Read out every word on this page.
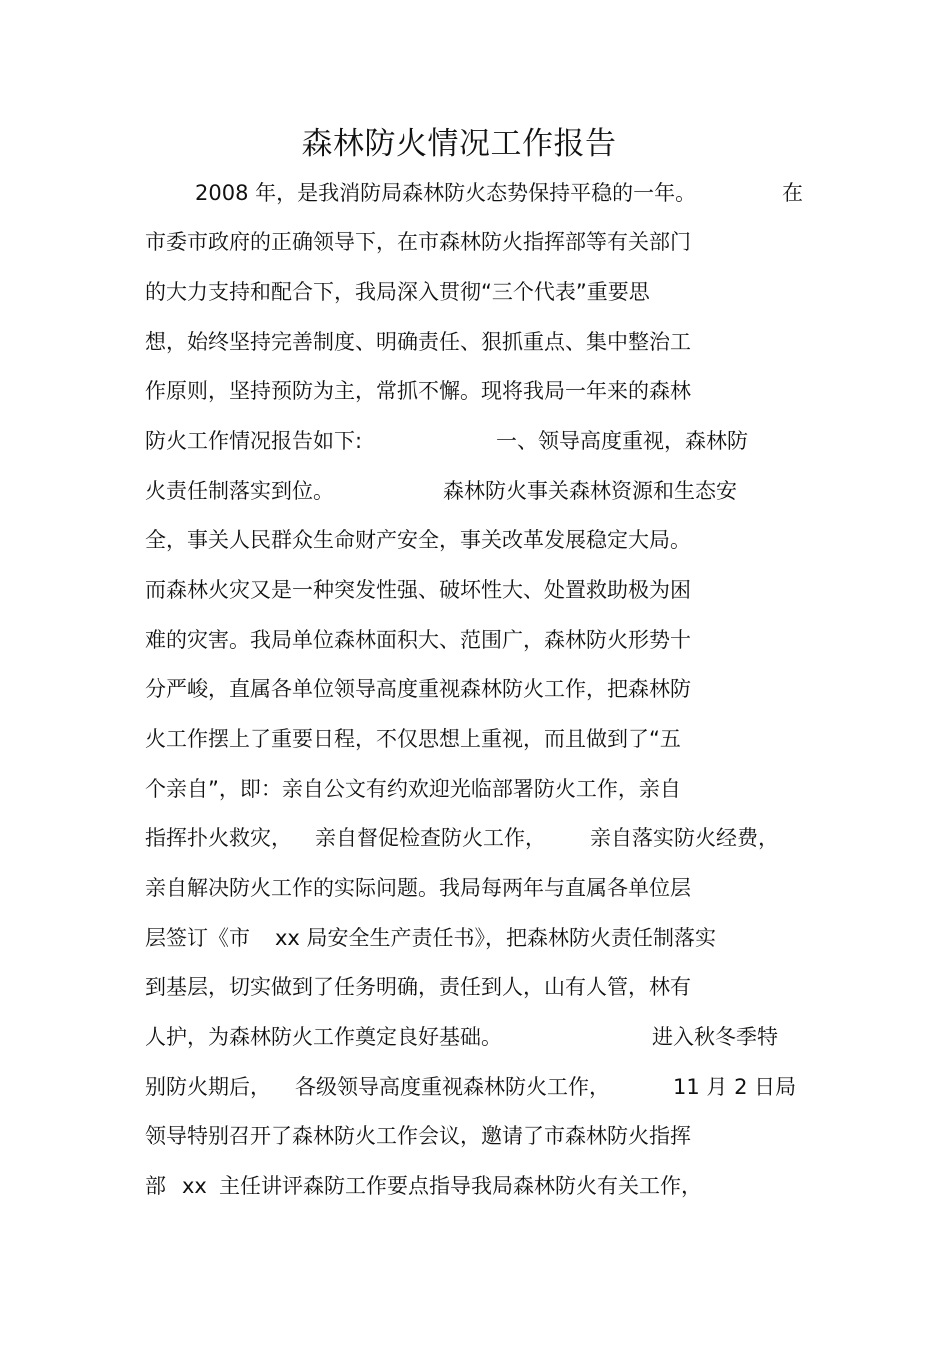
森林防火情况工作报告
2008 年，是我消防局森林防火态势保持平稳的一年。	在
市委市政府的正确领导下，在市森林防火指挥部等有关部门
的大力支持和配合下，我局深入贯彻“三个代表”重要思
想，始终坚持完善制度、明确责任、狠抓重点、集中整治工
作原则，坚持预防为主，常抓不懈。现将我局一年来的森林
防火工作情况报告如下:	一、领导高度重视，森林防
火责任制落实到位。	森林防火事关森林资源和生态安
全，事关人民群众生命财产安全，事关改革发展稳定大局。
而森林火灾又是一种突发性强、破坏性大、处置救助极为困
难的灾害。我局单位森林面积大、范围广，森林防火形势十
分严峻，直属各单位领导高度重视森林防火工作，把森林防
火工作摆上了重要日程，不仅思想上重视，而且做到了“五
个亲自”，即：亲自公文有约欢迎光临部署防火工作，亲自
指挥扑火救灾， 亲自督促检查防火工作， 亲自落实防火经费，
亲自解决防火工作的实际问题。我局每两年与直属各单位层
层签订《市 xx 局安全生产责任书》，把森林防火责任制落实
到基层，切实做到了任务明确，责任到人，山有人管，林有
人护，为森林防火工作奠定良好基础。	进入秋冬季特
别防火期后， 各级领导高度重视森林防火工作，	11 月 2 日局
领导特别召开了森林防火工作会议，邀请了市森林防火指挥
部 xx 主任讲评森防工作要点指导我局森林防火有关工作，
